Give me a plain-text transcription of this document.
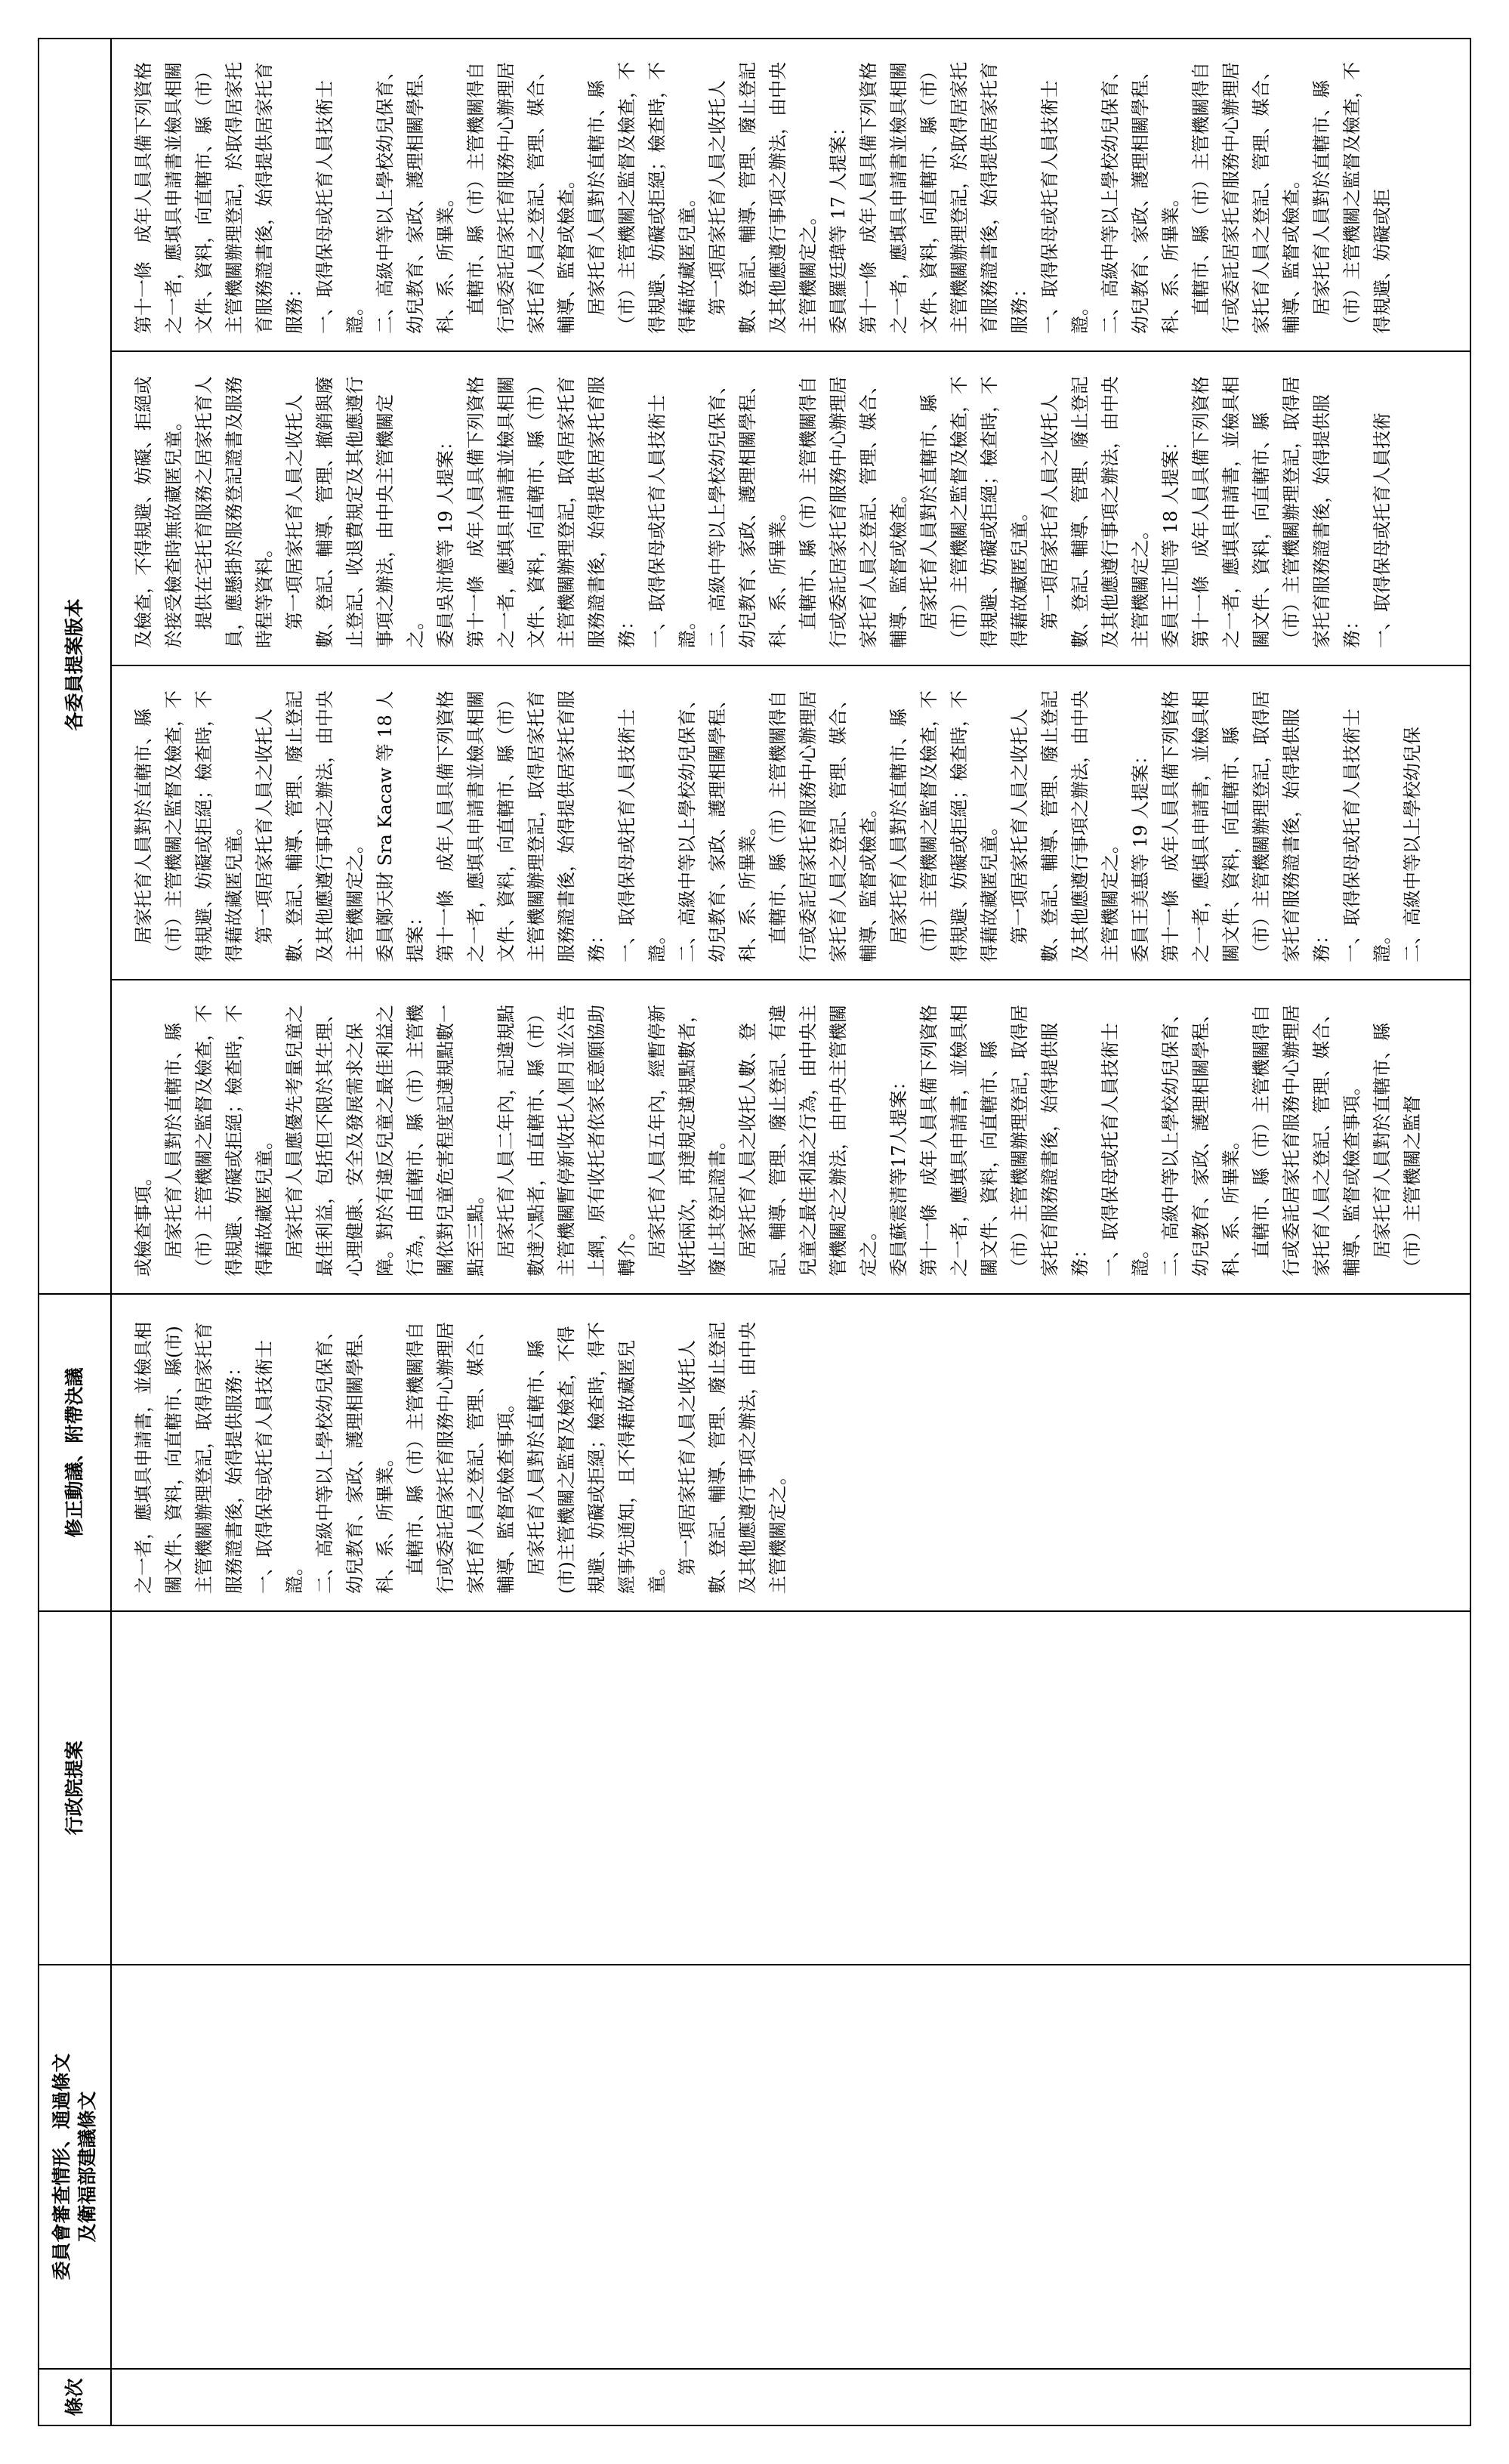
條次
委員會審查情形、通過條文
及衛福部建議條文
行政院提案
修正動議、附帶決議
各委員提案版本

之一者，應填具申請書，並檢具相關文件、資料，向直轄市、縣(市)主管機關辦理登記，取得居家托育服務證書後，始得提供服務：
一、取得保母或托育人員技術士證。
二、高級中等以上學校幼兒保育、幼兒教育、家政、護理相關學程、科、系、所畢業。
　直轄市、縣（市）主管機關得自行或委託居家托育服務中心辦理居家托育人員之登記、管理、媒合、輔導、監督或檢查事項。
　居家托育人員對於直轄市、縣(市)主管機關之監督及檢查，不得規避、妨礙或拒絕；檢查時，得不經事先通知，且不得藉故藏匿兒童。
　第一項居家托育人員之收托人數、登記、輔導、管理、廢止登記及其他應遵行事項之辦法，由中央主管機關定之。

或檢查事項。
　居家托育人員對於直轄市、縣（市）主管機關之監督及檢查，不得規避、妨礙或拒絕；檢查時，不得藉故藏匿兒童。
　居家托育人員應優先考量兒童之最佳利益，包括但不限於其生理、心理健康、安全及發展需求之保障。對於有違反兒童之最佳利益之行為，由直轄市、縣（市）主管機關依對兒童危害程度記違規點數一點至三點。
　居家托育人員二年內，記違規點數達六點者，由直轄市、縣（市）主管機關暫停新收托人個月並公告上網，原有收托者依家長意願協助轉介。
　居家托育人員五年內，經暫停新收托兩次，再達規定違規點數者，廢止其登記證書。
　居家托育人員之收托人數、登記、輔導、管理、廢止登記、有違兒童之最佳利益之行為，由中央主管機關定之辦法，由中央主管機關定之。
委員蘇震清等17人提案：
第十一條　成年人員具備下列資格之一者，應填具申請書，並檢具相關文件、資料，向直轄市、縣（市）主管機關辦理登記，取得居家托育服務證書後，始得提供服務：
一、取得保母或托育人員技術士證。
二、高級中等以上學校幼兒保育、幼兒教育、家政、護理相關學程、科、系、所畢業。
　直轄市、縣（市）主管機關得自行或委託居家托育服務中心辦理居家托育人員之登記、管理、媒合、輔導、監督或檢查事項。
　居家托育人員對於直轄市、縣（市）主管機關之監督

　居家托育人員對於直轄市、縣（市）主管機關之監督及檢查，不得規避、妨礙或拒絕；檢查時，不得藉故藏匿兒童。
　第一項居家托育人員之收托人數、登記、輔導、管理、廢止登記及其他應遵行事項之辦法，由中央主管機關定之。
委員鄭天財 Sra Kacaw 等 18 人提案：
第十一條　成年人員具備下列資格之一者，應填具申請書並檢具相關文件、資料，向直轄市、縣（市）主管機關辦理登記，取得居家托育服務證書後，始得提供居家托育服務：
一、取得保母或托育人員技術士證。
二、高級中等以上學校幼兒保育、幼兒教育、家政、護理相關學程、科、系、所畢業。
　直轄市、縣（市）主管機關得自行或委託居家托育服務中心辦理居家托育人員之登記、管理、媒合、輔導、監督或檢查。
　居家托育人員對於直轄市、縣（市）主管機關之監督及檢查，不得規避、妨礙或拒絕；檢查時，不得藉故藏匿兒童。
　第一項居家托育人員之收托人數、登記、輔導、管理、廢止登記及其他應遵行事項之辦法，由中央主管機關定之。
委員王美惠等 19 人提案：
第十一條　成年人員具備下列資格之一者，應填具申請書，並檢具相關文件、資料，向直轄市、縣（市）主管機關辦理登記，取得居家托育服務證書後，始得提供服務：
一、取得保母或托育人員技術士證。
二、高級中等以上學校幼兒保

及檢查，不得規避、妨礙、拒絕或於接受檢查時無故藏匿兒童。
　提供在宅托育服務之居家托育人員，應懸掛於服務登記證書及服務時程等資料。
　第一項居家托育人員之收托人數、登記、輔導、管理、撤銷與廢止登記、收退費規定及其他應遵行事項之辦法，由中央主管機關定之。
委員吳沛憶等 19 人提案：
第十一條　成年人員具備下列資格之一者，應填具申請書並檢具相關文件、資料，向直轄市、縣（市）主管機關辦理登記，取得居家托育服務證書後，始得提供居家托育服務：
一、取得保母或托育人員技術士證。
二、高級中等以上學校幼兒保育、幼兒教育、家政、護理相關學程、科、系、所畢業。
　直轄市、縣（市）主管機關得自行或委託居家托育服務中心辦理居家托育人員之登記、管理、媒合、輔導、監督或檢查。
　居家托育人員對於直轄市、縣（市）主管機關之監督及檢查，不得規避、妨礙或拒絕；檢查時，不得藉故藏匿兒童。
　第一項居家托育人員之收托人數、登記、輔導、管理、廢止登記及其他應遵行事項之辦法，由中央主管機關定之。
委員王正旭等 18 人提案：
第十一條　成年人員具備下列資格之一者，應填具申請書，並檢具相關文件、資料，向直轄市、縣（市）主管機關辦理登記，取得居家托育服務證書後，始得提供服務：
一、取得保母或托育人員技術

第十一條　成年人員具備下列資格之一者，應填具申請書並檢具相關文件、資料，向直轄市、縣（市）主管機關辦理登記，於取得居家托育服務證書後，始得提供居家托育服務：
一、取得保母或托育人員技術士證。
二、高級中等以上學校幼兒保育、幼兒教育、家政、護理相關學程、科、系、所畢業。
　直轄市、縣（市）主管機關得自行或委託居家托育服務中心辦理居家托育人員之登記、管理、媒合、輔導、監督或檢查。
　居家托育人員對於直轄市、縣（市）主管機關之監督及檢查，不得規避、妨礙或拒絕；檢查時，不得藉故藏匿兒童。
　第一項居家托育人員之收托人數、登記、輔導、管理、廢止登記及其他應遵行事項之辦法，由中央主管機關定之。
委員羅廷瑋等 17 人提案：
第十一條　成年人員具備下列資格之一者，應填具申請書並檢具相關文件、資料，向直轄市、縣（市）主管機關辦理登記，於取得居家托育服務證書後，始得提供居家托育服務：
一、取得保母或托育人員技術士證。
二、高級中等以上學校幼兒保育、幼兒教育、家政、護理相關學程、科、系、所畢業。
　直轄市、縣（市）主管機關得自行或委託居家托育服務中心辦理居家托育人員之登記、管理、媒合、輔導、監督或檢查。
　居家托育人員對於直轄市、縣（市）主管機關之監督及檢查，不得規避、妨礙或拒
